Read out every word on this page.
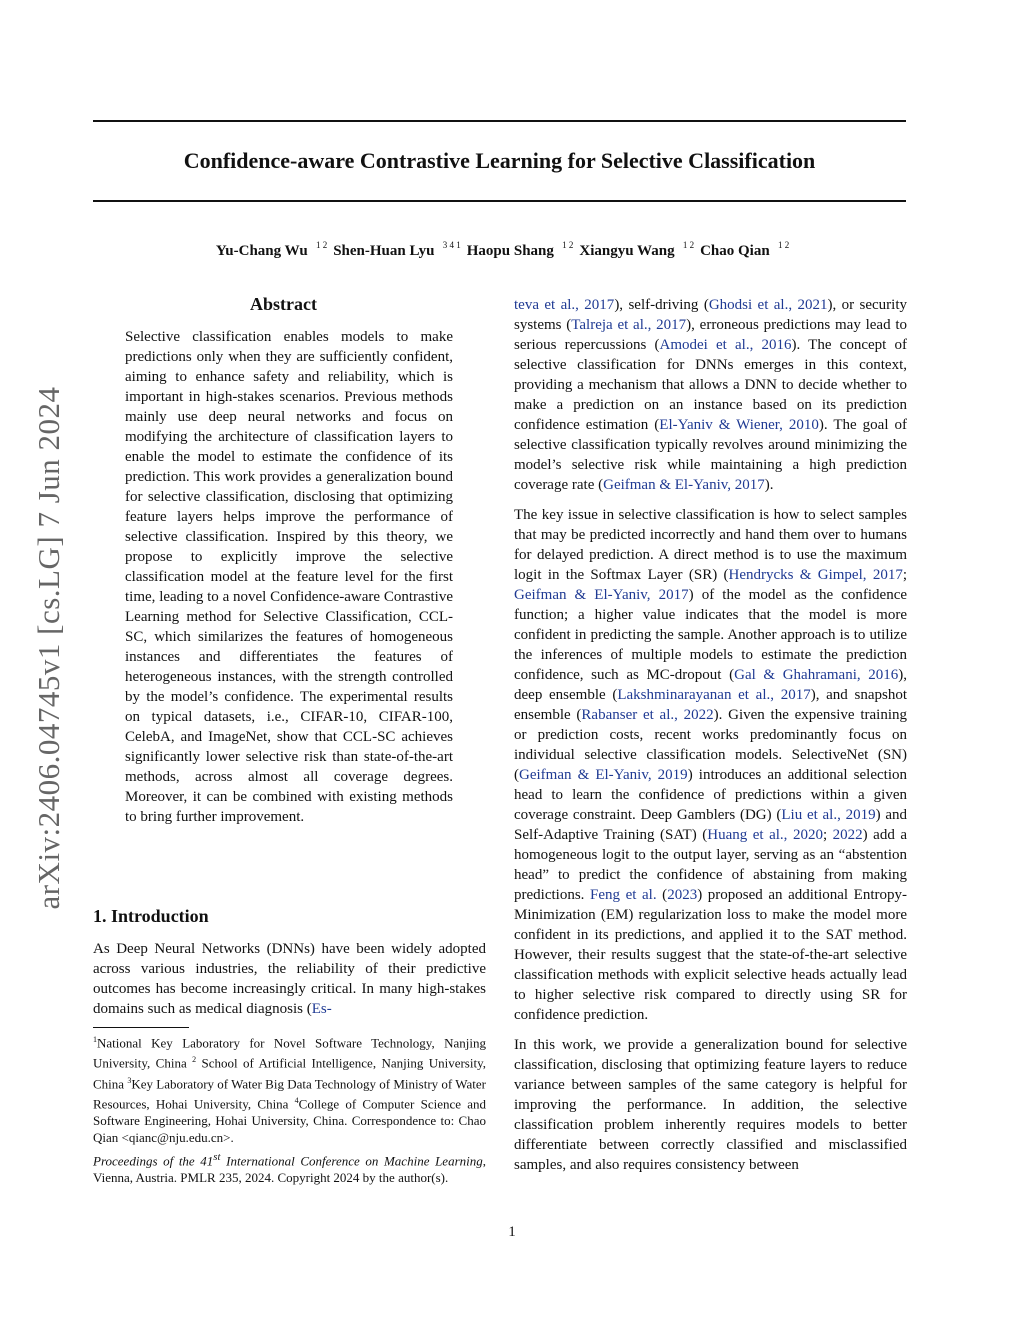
Confidence-aware Contrastive Learning for Selective Classification
Yu-Chang Wu $^{1 2}$ Shen-Huan Lyu $^{3 4 1}$ Haopu Shang $^{1 2}$ Xiangyu Wang $^{1 2}$ Chao Qian $^{1 2}$
arXiv:2406.04745v1 [cs.LG] 7 Jun 2024
Abstract

Selective classification enables models to make predictions only when they are sufficiently confident, aiming to enhance safety and reliability, which is important in high-stakes scenarios. Previous methods mainly use deep neural networks and focus on modifying the architecture of classification layers to enable the model to estimate the confidence of its prediction. This work provides a generalization bound for selective classification, disclosing that optimizing feature layers helps improve the performance of selective classification. Inspired by this theory, we propose to explicitly improve the selective classification model at the feature level for the first time, leading to a novel Confidence-aware Contrastive Learning method for Selective Classification, CCL-SC, which similarizes the features of homogeneous instances and differentiates the features of heterogeneous instances, with the strength controlled by the model’s confidence. The experimental results on typical datasets, i.e., CIFAR-10, CIFAR-100, CelebA, and ImageNet, show that CCL-SC achieves significantly lower selective risk than state-of-the-art methods, across almost all coverage degrees. Moreover, it can be combined with existing methods to bring further improvement.

1. Introduction

As Deep Neural Networks (DNNs) have been widely adopted across various industries, the reliability of their predictive outcomes has become increasingly critical. In many high-stakes domains such as medical diagnosis (Es-

$^1$National Key Laboratory for Novel Software Technology, Nanjing University, China $^2$ School of Artificial Intelligence, Nanjing University, China $^3$Key Laboratory of Water Big Data Technology of Ministry of Water Resources, Hohai University, China $^4$College of Computer Science and Software Engineering, Hohai University, China. Correspondence to: Chao Qian <qianc@nju.edu.cn>.
Proceedings of the 41st International Conference on Machine Learning, Vienna, Austria. PMLR 235, 2024. Copyright 2024 by the author(s).

teva et al., 2017), self-driving (Ghodsi et al., 2021), or security systems (Talreja et al., 2017), erroneous predictions may lead to serious repercussions (Amodei et al., 2016). The concept of selective classification for DNNs emerges in this context, providing a mechanism that allows a DNN to decide whether to make a prediction on an instance based on its prediction confidence estimation (El-Yaniv & Wiener, 2010). The goal of selective classification typically revolves around minimizing the model’s selective risk while maintaining a high prediction coverage rate (Geifman & El-Yaniv, 2017).

The key issue in selective classification is how to select samples that may be predicted incorrectly and hand them over to humans for delayed prediction. A direct method is to use the maximum logit in the Softmax Layer (SR) (Hendrycks & Gimpel, 2017; Geifman & El-Yaniv, 2017) of the model as the confidence function; a higher value indicates that the model is more confident in predicting the sample. Another approach is to utilize the inferences of multiple models to estimate the prediction confidence, such as MC-dropout (Gal & Ghahramani, 2016), deep ensemble (Lakshminarayanan et al., 2017), and snapshot ensemble (Rabanser et al., 2022). Given the expensive training or prediction costs, recent works predominantly focus on individual selective classification models. SelectiveNet (SN) (Geifman & El-Yaniv, 2019) introduces an additional selection head to learn the confidence of predictions within a given coverage constraint. Deep Gamblers (DG) (Liu et al., 2019) and Self-Adaptive Training (SAT) (Huang et al., 2020; 2022) add a homogeneous logit to the output layer, serving as an “abstention head” to predict the confidence of abstaining from making predictions. Feng et al. (2023) proposed an additional Entropy-Minimization (EM) regularization loss to make the model more confident in its predictions, and applied it to the SAT method. However, their results suggest that the state-of-the-art selective classification methods with explicit selective heads actually lead to higher selective risk compared to directly using SR for confidence prediction.

In this work, we provide a generalization bound for selective classification, disclosing that optimizing feature layers to reduce variance between samples of the same category is helpful for improving the performance. In addition, the selective classification problem inherently requires models to better differentiate between correctly classified and misclassified samples, and also requires consistency between

1
